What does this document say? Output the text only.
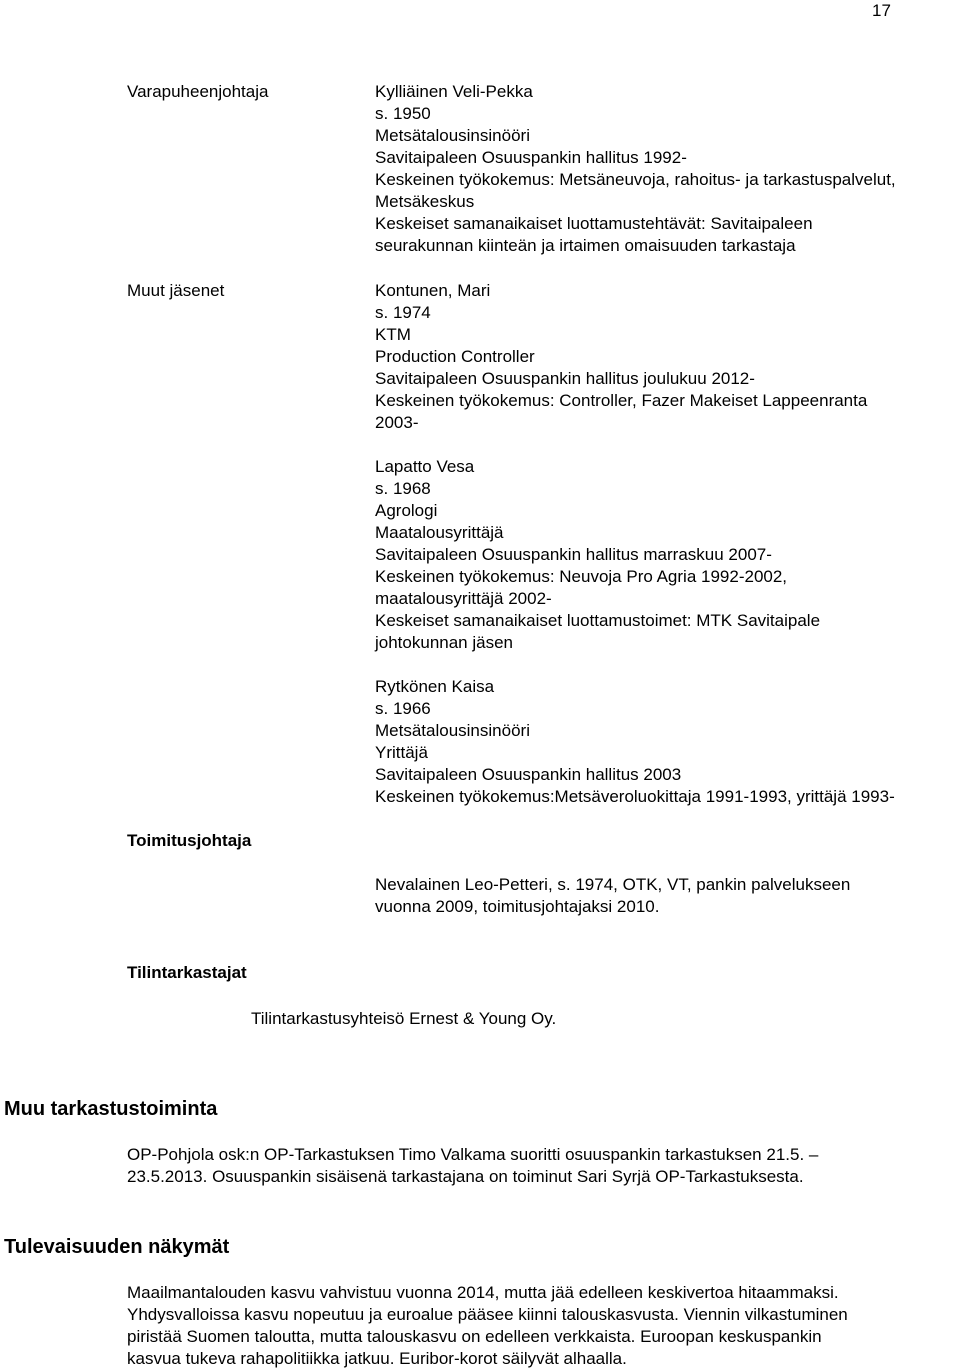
17
Varapuheenjohtaja	Kylliäinen Veli-Pekka
s. 1950
Metsätalousinsinööri
Savitaipaleen Osuuspankin hallitus 1992-
Keskeinen työkokemus: Metsäneuvoja, rahoitus- ja tarkastuspalvelut,
Metsäkeskus
Keskeiset samanaikaiset luottamustehtävät: Savitaipaleen
seurakunnan kiinteän ja irtaimen omaisuuden tarkastaja
Muut jäsenet	Kontunen, Mari
s. 1974
KTM
Production Controller
Savitaipaleen Osuuspankin hallitus joulukuu 2012-
Keskeinen työkokemus: Controller, Fazer Makeiset Lappeenranta
2003-
Lapatto Vesa
s. 1968
Agrologi
Maatalousyrittäjä
Savitaipaleen Osuuspankin hallitus marraskuu 2007-
Keskeinen työkokemus: Neuvoja Pro Agria 1992-2002,
maatalousyrittäjä 2002-
Keskeiset samanaikaiset luottamustoimet: MTK Savitaipale
johtokunnan jäsen
Rytkönen Kaisa
s. 1966
Metsätalousinsinööri
Yrittäjä
Savitaipaleen Osuuspankin hallitus 2003
Keskeinen työkokemus:Metsäveroluokittaja 1991-1993, yrittäjä 1993-
Toimitusjohtaja
Nevalainen Leo-Petteri, s. 1974, OTK, VT, pankin palvelukseen
vuonna 2009, toimitusjohtajaksi 2010.
Tilintarkastajat
Tilintarkastusyhteisö Ernest & Young Oy.
Muu tarkastustoiminta
OP-Pohjola osk:n OP-Tarkastuksen Timo Valkama suoritti osuuspankin tarkastuksen 21.5. –
23.5.2013. Osuuspankin sisäisenä tarkastajana on toiminut Sari Syrjä OP-Tarkastuksesta.
Tulevaisuuden näkymät
Maailmantalouden kasvu vahvistuu vuonna 2014, mutta jää edelleen keskivertoa hitaammaksi.
Yhdysvalloissa kasvu nopeutuu ja euroalue pääsee kiinni talouskasvusta. Viennin vilkastuminen
piristää Suomen taloutta, mutta talouskasvu on edelleen verkkaista. Euroopan keskuspankin
kasvua tukeva rahapolitiikka jatkuu. Euribor-korot säilyvät alhaalla.
